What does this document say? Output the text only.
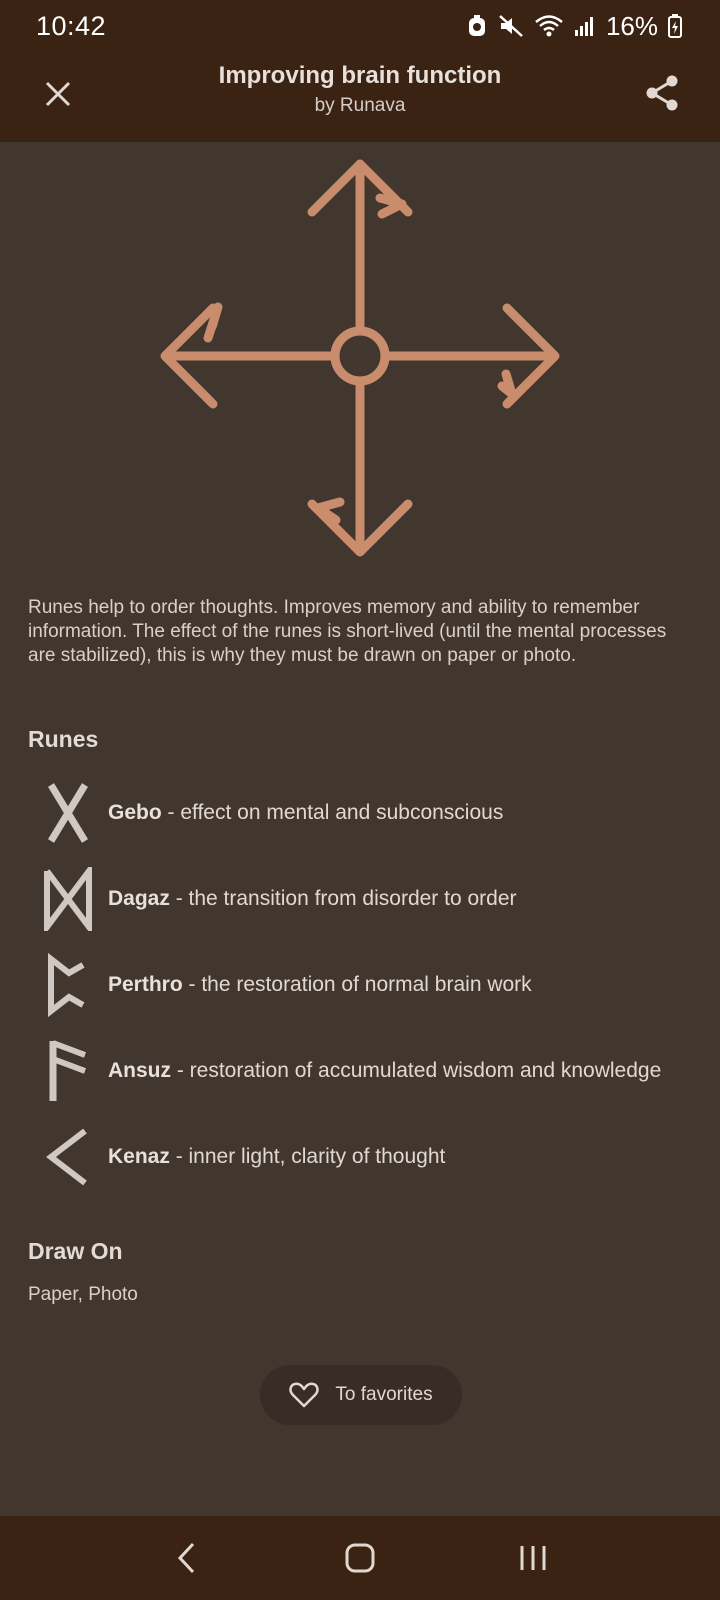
10:42	16%
Improving brain function
by Runava

Runes help to order thoughts. Improves memory and ability to remember information. The effect of the runes is short-lived (until the mental processes are stabilized), this is why they must be drawn on paper or photo.

Runes
Gebo - effect on mental and subconscious
Dagaz - the transition from disorder to order
Perthro - the restoration of normal brain work
Ansuz - restoration of accumulated wisdom and knowledge
Kenaz - inner light, clarity of thought
Draw On
Paper, Photo
To favorites
